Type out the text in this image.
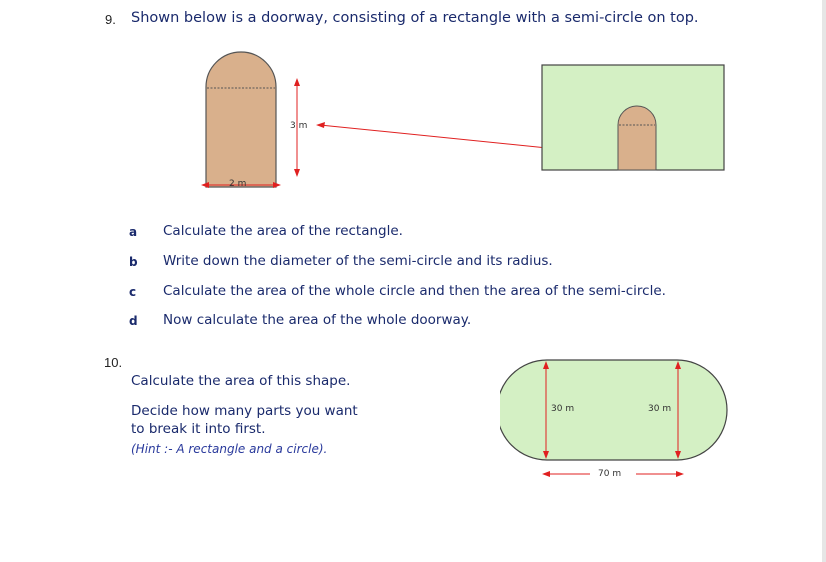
9. Shown below is a doorway, consisting of a rectangle with a semi-circle on top.
3 m
2 m
a Calculate the area of the rectangle.
b Write down the diameter of the semi-circle and its radius.
c Calculate the area of the whole circle and then the area of the semi-circle.
d Now calculate the area of the whole doorway.
10.
Calculate the area of this shape.
Decide how many parts you want
to break it into first.
(Hint :- A rectangle and a circle).
30 m	30 m
70 m
